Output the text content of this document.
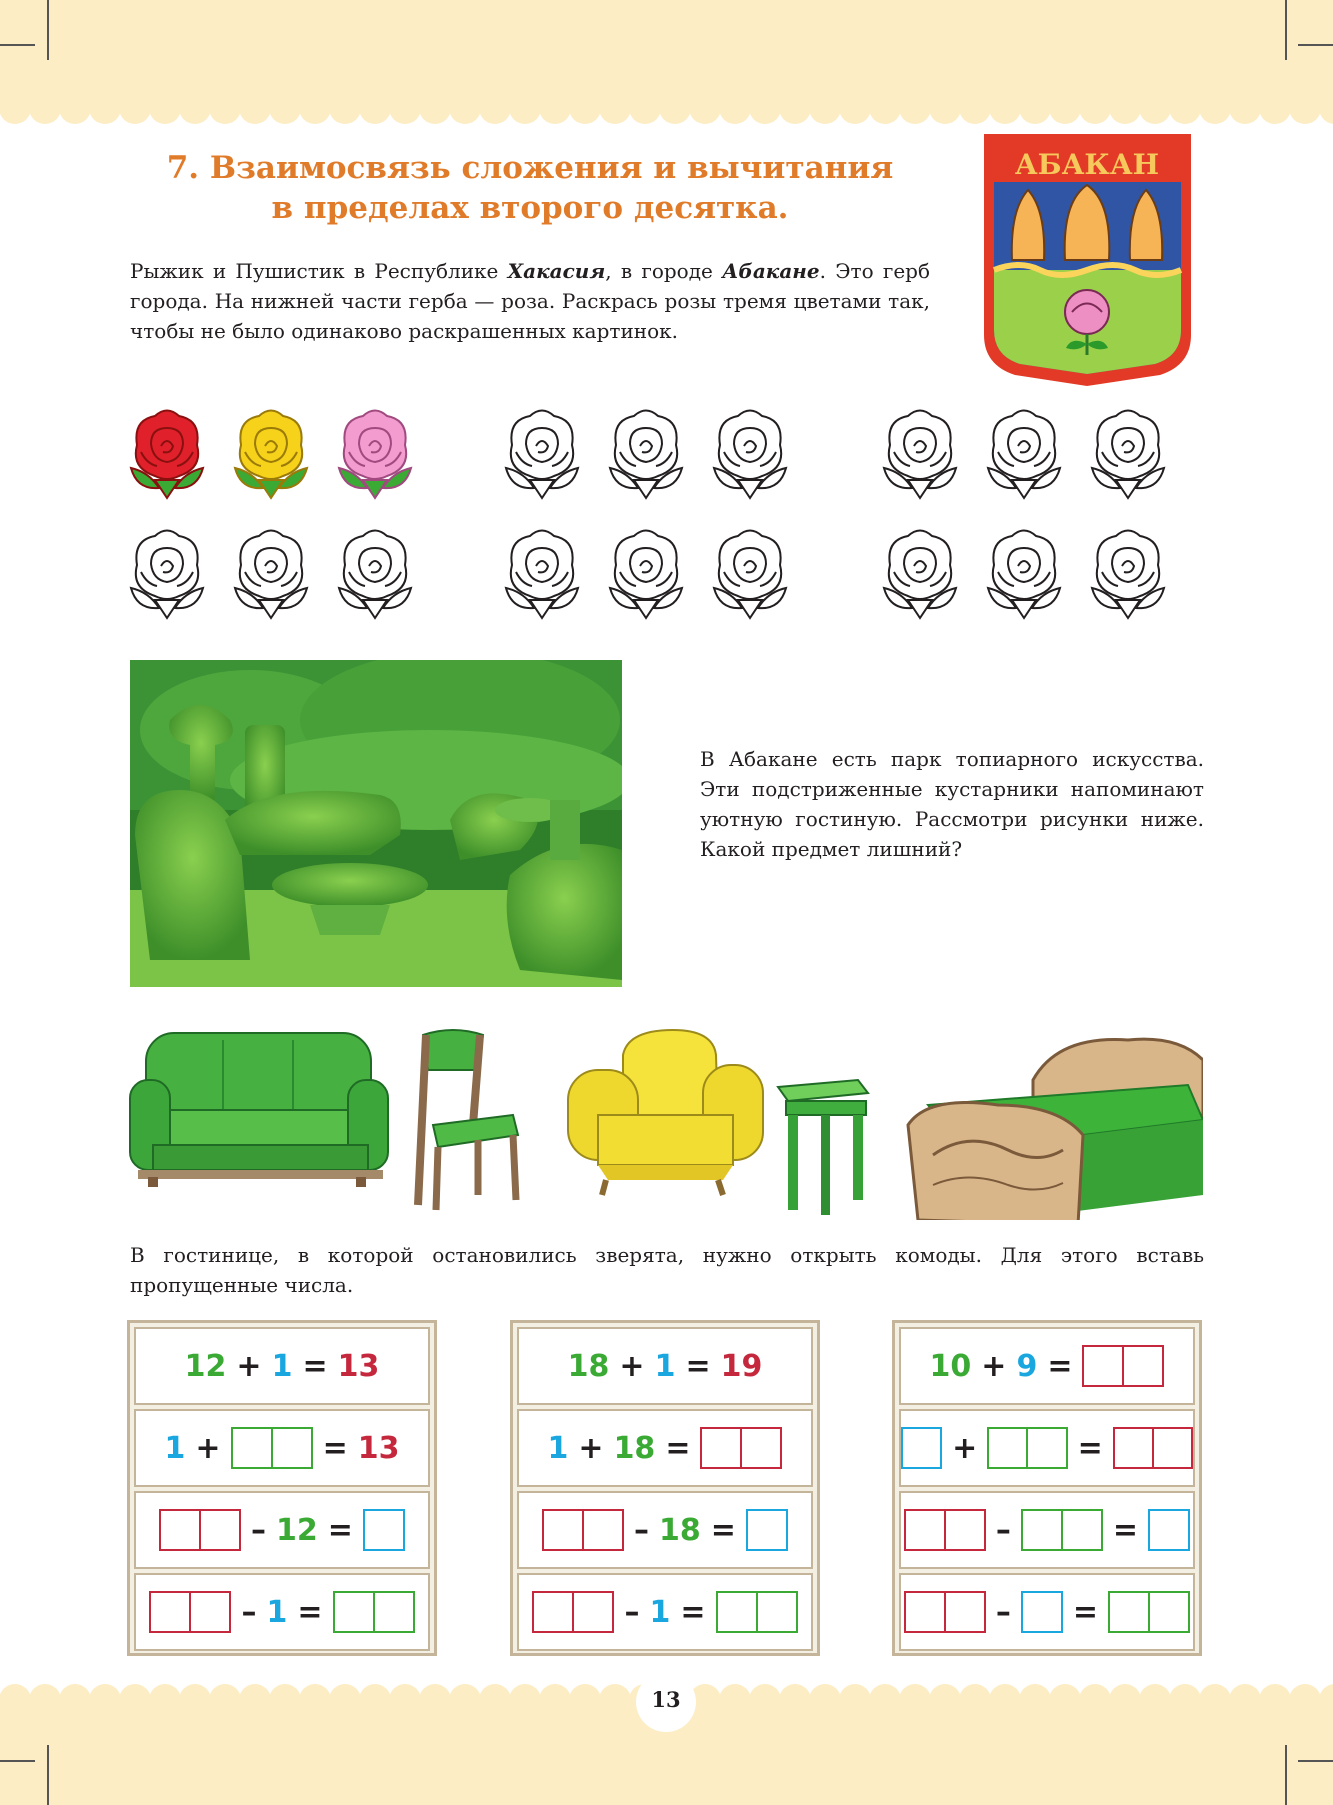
7. Взаимосвязь сложения и вычитания
в пределах второго десятка.
Рыжик и Пушистик в Республике Хакасия, в городе Абакане. Это герб города. На нижней части герба — роза. Раскрась розы тремя цветами так, чтобы не было одинаково раскрашенных картинок.
АБАКАН
В Абакане есть парк топиарного искусства. Эти подстриженные кустарники напоминают уютную гостиную. Рассмотри рисунки ниже. Какой предмет лишний?
В гостинице, в которой остановились зверята, нужно открыть комоды. Для этого вставь пропущенные числа.
12 + 1 = 13
1 +	= 13
– 12 =
– 1 =
18 + 1 = 19
1 + 18 =
– 18 =
– 1 =
10 + 9 =
+	=
–	=
– =
13
